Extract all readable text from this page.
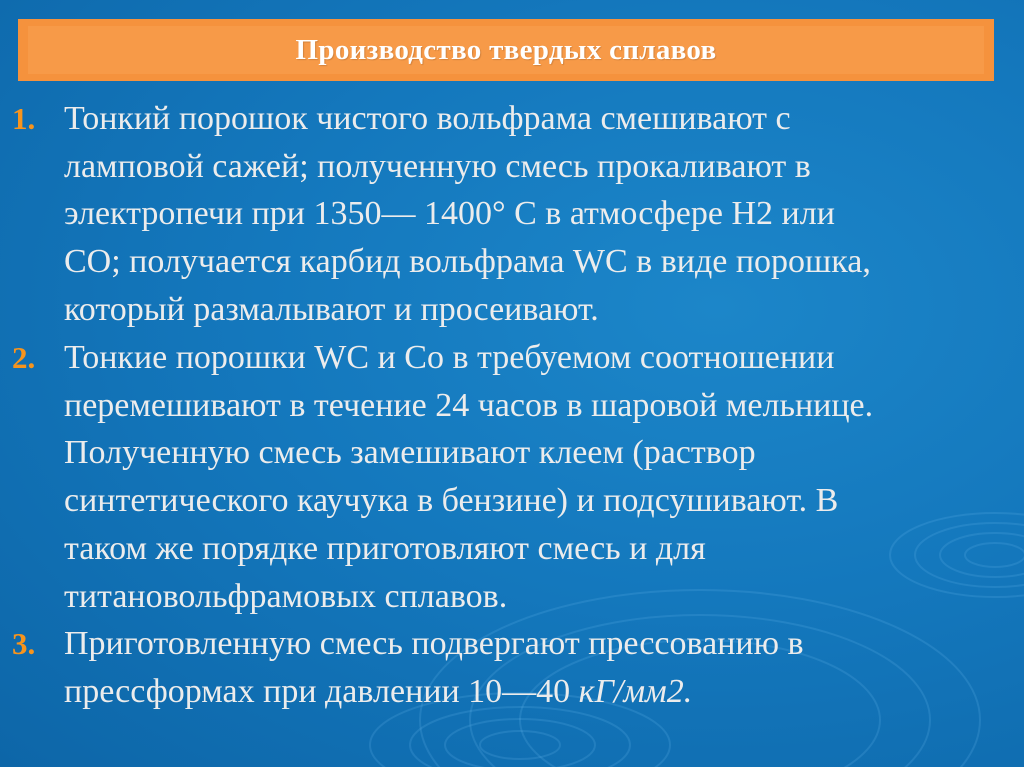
Производство твердых сплавов
1. Тонкий порошок чистого вольфрама смешивают с
ламповой сажей; полученную смесь прокаливают в
электропечи при 1350— 1400° С в атмосфере H2 или
CO; получается карбид вольфрама WC в виде порошка,
который размалывают и просеивают.
2. Тонкие порошки WC и Co в требуемом соотношении
перемешивают в течение 24 часов в шаровой мельнице.
Полученную смесь замешивают клеем (раствор
синтетического каучука в бензине) и подсушивают. В
таком же порядке приготовляют смесь и для
титановольфрамовых сплавов.
3. Приготовленную смесь подвергают прессованию в
прессформах при давлении 10—40 кГ/мм2.
